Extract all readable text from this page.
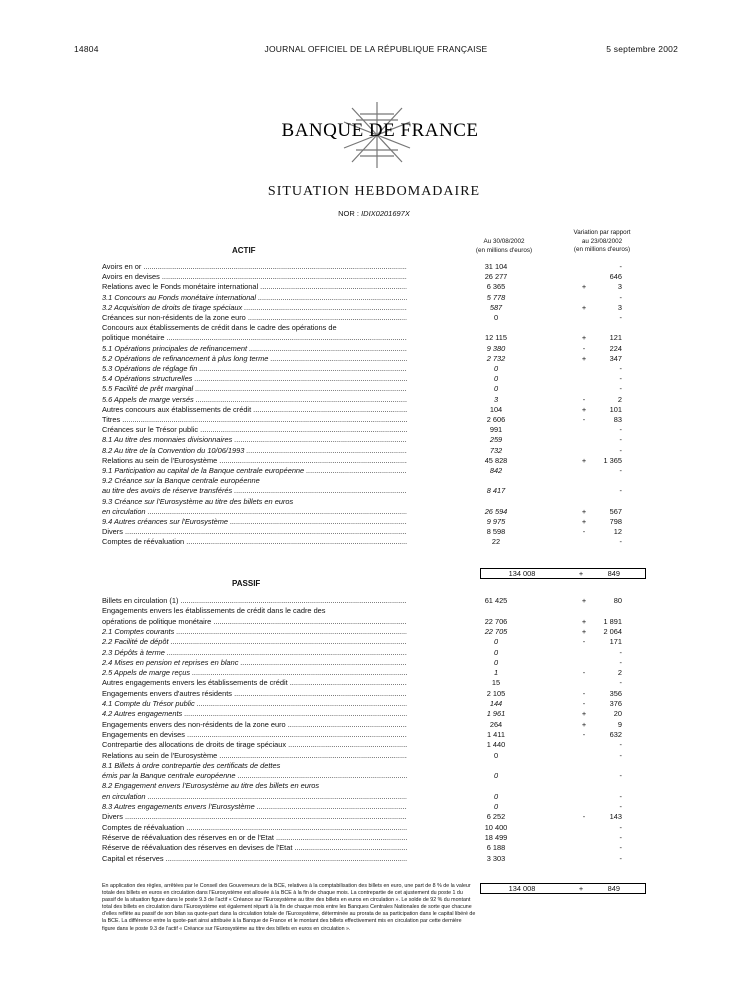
14804	JOURNAL OFFICIEL DE LA RÉPUBLIQUE FRANÇAISE	5 septembre 2002
BANQUE DE FRANCE
SITUATION HEBDOMADAIRE
NOR : IDIX0201697X
Au 30/08/2002
(en millions d'euros)
Variation par rapport
au 23/08/2002
(en millions d'euros)
ACTIF
Avoirs en or .....	31 104	-
Avoirs en devises .....	26 277	646
Relations avec le Fonds monétaire international .....	6 365	+	3
3.1 Concours au Fonds monétaire international .....	5 778	-
3.2 Acquisition de droits de tirage spéciaux .....	587	+	3
Créances sur non-résidents de la zone euro .....	0	-
Concours aux établissements de crédit dans le cadre des opérations de
politique monétaire .....	12 115	+	121
5.1 Opérations principales de refinancement .....	9 380	-	224
5.2 Opérations de refinancement à plus long terme .....	2 732	+	347
5.3 Opérations de réglage fin .....	0	-
5.4 Opérations structurelles .....	0	-
5.5 Facilité de prêt marginal .....	0	-
5.6 Appels de marge versés .....	3	-	2
Autres concours aux établissements de crédit .....	104	+	101
Titres .....	2 606	-	83
Créances sur le Trésor public .....	991	-
8.1 Au titre des monnaies divisionnaires .....	259	-
8.2 Au titre de la Convention du 10/06/1993 .....	732	-
Relations au sein de l'Eurosystème .....	45 828	+	1 365
9.1 Participation au capital de la Banque centrale européenne .....	842	-
9.2 Créance sur la Banque centrale européenne
au titre des avoirs de réserve transférés .....	8 417	-
9.3 Créance sur l'Eurosystème au titre des billets en euros
en circulation .....	26 594	+	567
9.4 Autres créances sur l'Eurosystème .....	9 975	+	798
Divers .....	8 598	-	12
Comptes de réévaluation .....	22	-
134 008	+	849
PASSIF
Billets en circulation (1) .....	61 425	+	80
Engagements envers les établissements de crédit dans le cadre des
opérations de politique monétaire .....	22 706	+	1 891
2.1 Comptes courants .....	22 705	+	2 064
2.2 Facilité de dépôt .....	0	-	171
2.3 Dépôts à terme .....	0	-
2.4 Mises en pension et reprises en blanc .....	0	-
2.5 Appels de marge reçus .....	1	-	2
Autres engagements envers les établissements de crédit .....	15	-
Engagements envers d'autres résidents .....	2 105	-	356
4.1 Compte du Trésor public .....	144	-	376
4.2 Autres engagements .....	1 961	+	20
Engagements envers des non-résidents de la zone euro .....	264	+	9
Engagements en devises .....	1 411	-	632
Contrepartie des allocations de droits de tirage spéciaux .....	1 440	-
Relations au sein de l'Eurosystème .....	0	-
8.1 Billets à ordre contrepartie des certificats de dettes
émis par la Banque centrale européenne .....	0	-
8.2 Engagement envers l'Eurosystème au titre des billets en euros
en circulation .....	0	-
8.3 Autres engagements envers l'Eurosystème .....	0	-
Divers .....	6 252	-	143
Comptes de réévaluation .....	10 400	-
Réserve de réévaluation des réserves en or de l'Etat .....	18 499	-
Réserve de réévaluation des réserves en devises de l'Etat .....	6 188	-
Capital et réserves .....	3 303	-
134 008	+	849
En application des règles, arrêtées par le Conseil des Gouverneurs de la BCE, relatives à la comptabilisation des billets en euro, une part de 8 % de la valeur totale des billets en euros en circulation dans l'Eurosystème est allouée à la BCE à la fin de chaque mois. La contrepartie de cet ajustement du poste 1 du passif de la situation figure dans le poste 9.3 de l'actif « Créance sur l'Eurosystème au titre des billets en euros en circulation ». Le solde de 92 % du montant total des billets en circulation dans l'Eurosystème est également réparti à la fin de chaque mois entre les Banques Centrales Nationales de sorte que chacune d'elles reflète au passif de son bilan sa quote-part dans la circulation totale de l'Eurosystème, déterminée au prorata de sa participation dans le capital libéré de la BCE. La différence entre la quote-part ainsi attribuée à la Banque de France et le montant des billets effectivement mis en circulation par cette dernière figure dans le poste 9.3 de l'actif « Créance sur l'Eurosystème au titre des billets en euros en circulation ».
